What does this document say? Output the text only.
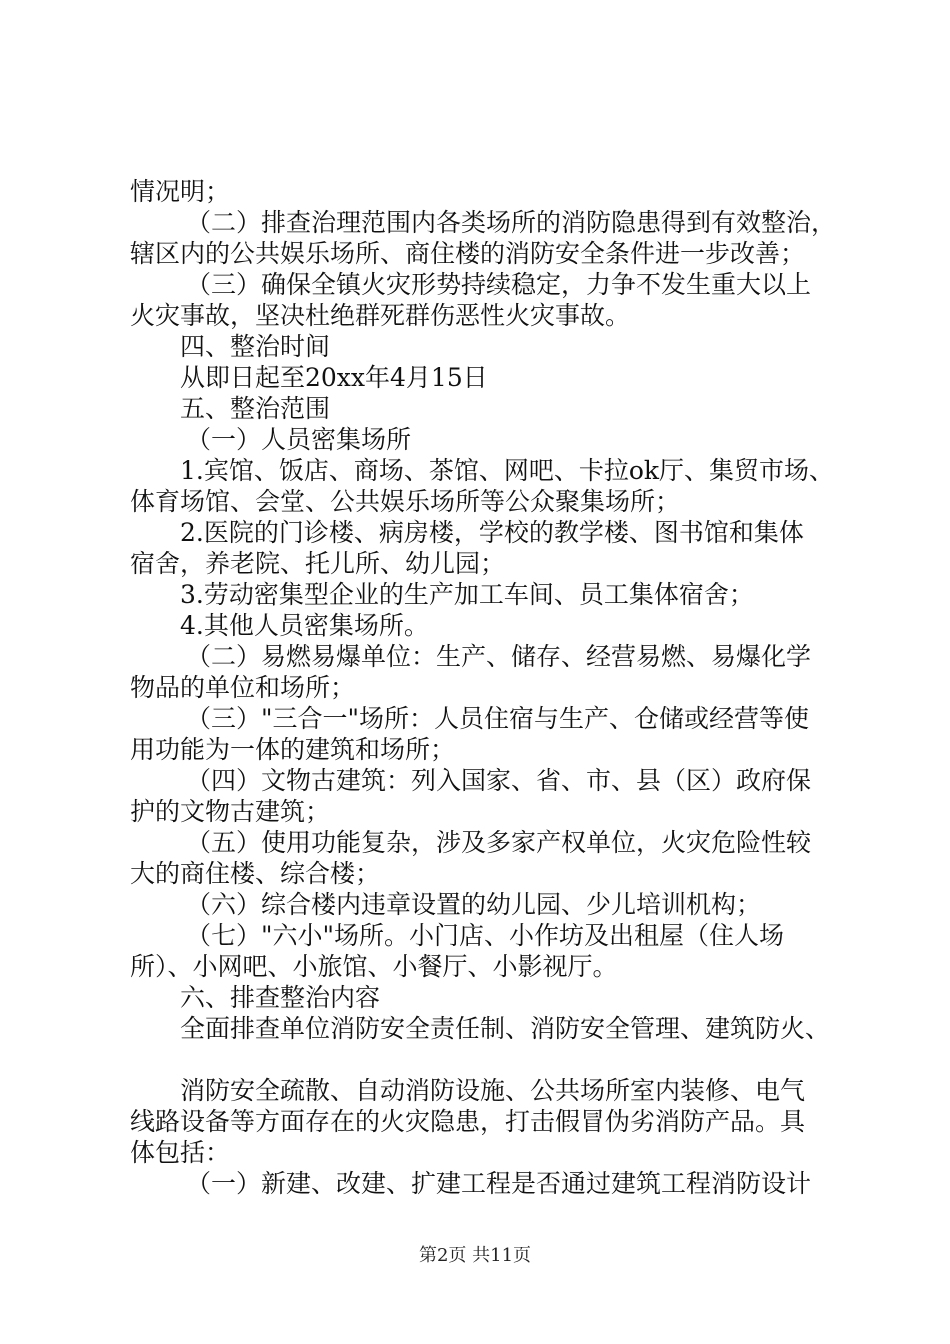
情况明；
（二）排查治理范围内各类场所的消防隐患得到有效整治，
辖区内的公共娱乐场所、商住楼的消防安全条件进一步改善；
（三）确保全镇火灾形势持续稳定，力争不发生重大以上
火灾事故，坚决杜绝群死群伤恶性火灾事故。
四、整治时间
从即日起至20xx年4月15日
五、整治范围
（一）人员密集场所
1.宾馆、饭店、商场、茶馆、网吧、卡拉ok厅、集贸市场、
体育场馆、会堂、公共娱乐场所等公众聚集场所；
2.医院的门诊楼、病房楼，学校的教学楼、图书馆和集体
宿舍，养老院、托儿所、幼儿园；
3.劳动密集型企业的生产加工车间、员工集体宿舍；
4.其他人员密集场所。
（二）易燃易爆单位：生产、储存、经营易燃、易爆化学
物品的单位和场所；
（三）"三合一"场所：人员住宿与生产、仓储或经营等使
用功能为一体的建筑和场所；
（四）文物古建筑：列入国家、省、市、县（区）政府保
护的文物古建筑；
（五）使用功能复杂，涉及多家产权单位，火灾危险性较
大的商住楼、综合楼；
（六）综合楼内违章设置的幼儿园、少儿培训机构；
（七）"六小"场所。小门店、小作坊及出租屋（住人场
所）、小网吧、小旅馆、小餐厅、小影视厅。
六、排查整治内容
全面排查单位消防安全责任制、消防安全管理、建筑防火、
消防安全疏散、自动消防设施、公共场所室内装修、电气
线路设备等方面存在的火灾隐患，打击假冒伪劣消防产品。具
体包括：
（一）新建、改建、扩建工程是否通过建筑工程消防设计
第2页 共11页
